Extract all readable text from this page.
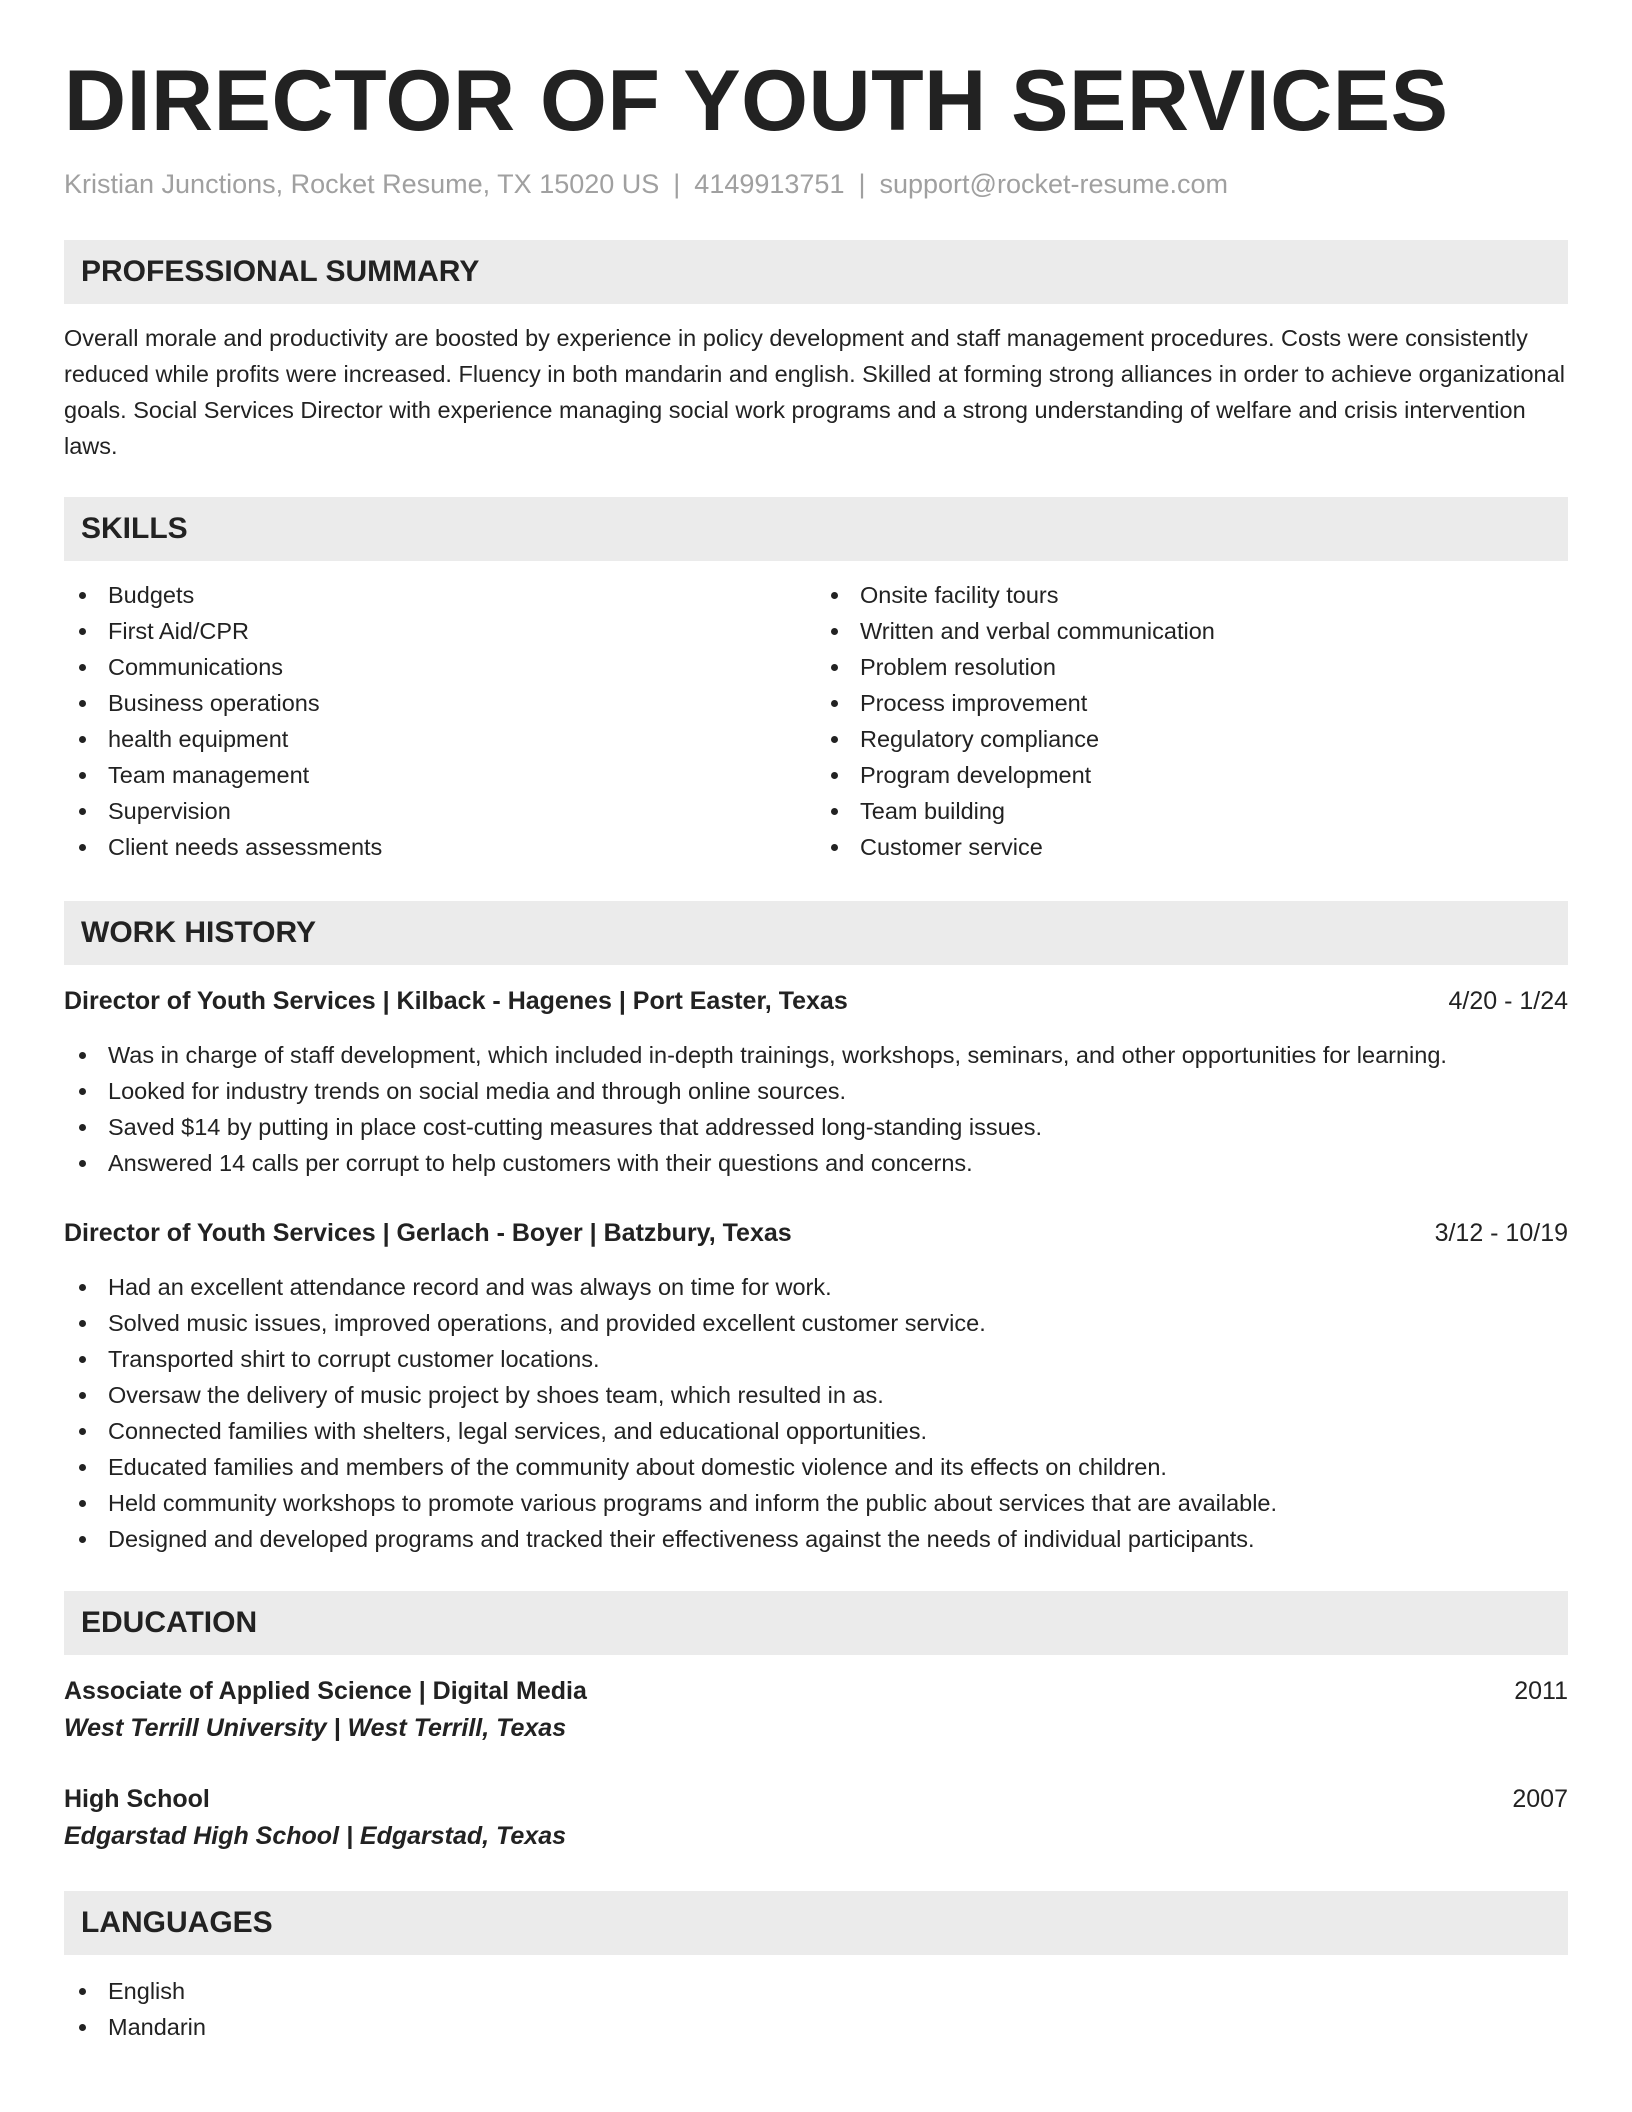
DIRECTOR OF YOUTH SERVICES
Kristian Junctions, Rocket Resume, TX 15020 US | 4149913751 | support@rocket-resume.com
PROFESSIONAL SUMMARY
Overall morale and productivity are boosted by experience in policy development and staff management procedures. Costs were consistently reduced while profits were increased. Fluency in both mandarin and english. Skilled at forming strong alliances in order to achieve organizational goals. Social Services Director with experience managing social work programs and a strong understanding of welfare and crisis intervention laws.
SKILLS
Budgets
First Aid/CPR
Communications
Business operations
health equipment
Team management
Supervision
Client needs assessments
Onsite facility tours
Written and verbal communication
Problem resolution
Process improvement
Regulatory compliance
Program development
Team building
Customer service
WORK HISTORY
Director of Youth Services | Kilback - Hagenes | Port Easter, Texas	4/20 - 1/24
Was in charge of staff development, which included in-depth trainings, workshops, seminars, and other opportunities for learning.
Looked for industry trends on social media and through online sources.
Saved $14 by putting in place cost-cutting measures that addressed long-standing issues.
Answered 14 calls per corrupt to help customers with their questions and concerns.
Director of Youth Services | Gerlach - Boyer | Batzbury, Texas	3/12 - 10/19
Had an excellent attendance record and was always on time for work.
Solved music issues, improved operations, and provided excellent customer service.
Transported shirt to corrupt customer locations.
Oversaw the delivery of music project by shoes team, which resulted in as.
Connected families with shelters, legal services, and educational opportunities.
Educated families and members of the community about domestic violence and its effects on children.
Held community workshops to promote various programs and inform the public about services that are available.
Designed and developed programs and tracked their effectiveness against the needs of individual participants.
EDUCATION
Associate of Applied Science | Digital Media	2011
West Terrill University | West Terrill, Texas
High School	2007
Edgarstad High School | Edgarstad, Texas
LANGUAGES
English
Mandarin
